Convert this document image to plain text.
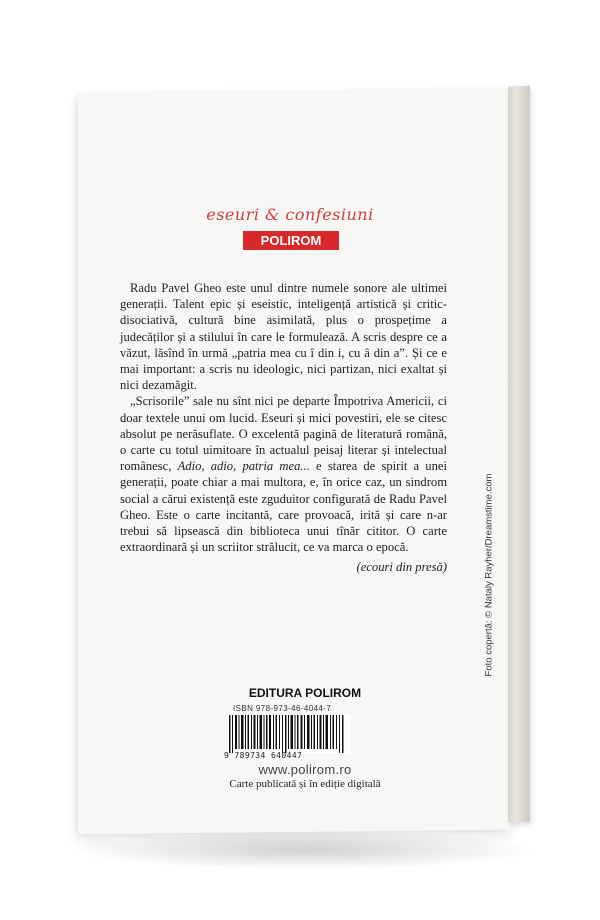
eseuri & confesiuni
POLIROM

Radu Pavel Gheo este unul dintre numele sonore ale ultimei generații. Talent epic și eseistic, inteligență artistică și critic-disociativă, cultură bine asimilată, plus o prospețime a judecăților și a stilului în care le formulează. A scris despre ce a văzut, lăsînd în urmă „patria mea cu î din i, cu â din a”. Și ce e mai important: a scris nu ideologic, nici partizan, nici exaltat și nici dezamăgit.

„Scrisorile” sale nu sînt nici pe departe Împotriva Americii, ci doar textele unui om lucid. Eseuri și mici povestiri, ele se citesc absolut pe nerăsuflate. O excelentă pagină de literatură română, o carte cu totul uimitoare în actualul peisaj literar și intelectual românesc, Adio, adio, patria mea... e starea de spirit a unei generații, poate chiar a mai multora, e, în orice caz, un sindrom social a cărui existență este zguduitor configurată de Radu Pavel Gheo. Este o carte incitantă, care provoacă, irită și care n-ar trebui să lipsească din biblioteca unui tînăr cititor. O carte extraordinară și un scriitor strălucit, ce va marca o epocă.

(ecouri din presă)
EDITURA POLIROM
ISBN 978-973-46-4044-7
9 789734 640447
www.polirom.ro
Carte publicată și în ediție digitală
Foto copertă: © Nataly Rayher/Dreamstime.com
